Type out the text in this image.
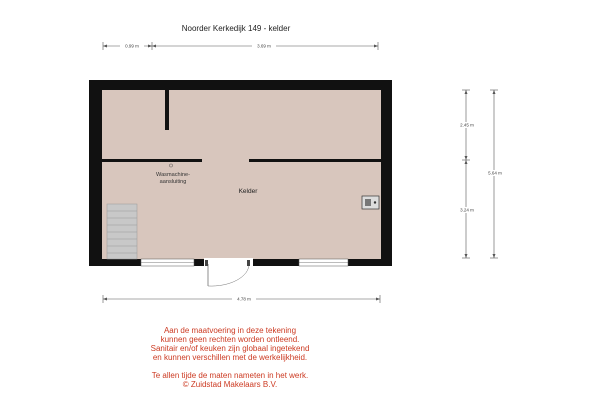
Noorder Kerkedijk 149 - kelder
0.99 m	3.69 m
Kelder
Wasmachine-
aansluiting
4.78 m
2.45 m
3.24 m
5.64 m
Aan de maatvoering in deze tekening
kunnen geen rechten worden ontleend.
Sanitair en/of keuken zijn globaal ingetekend
en kunnen verschillen met de werkelijkheid.
Te allen tijde de maten nameten in het werk.
© Zuidstad Makelaars B.V.
